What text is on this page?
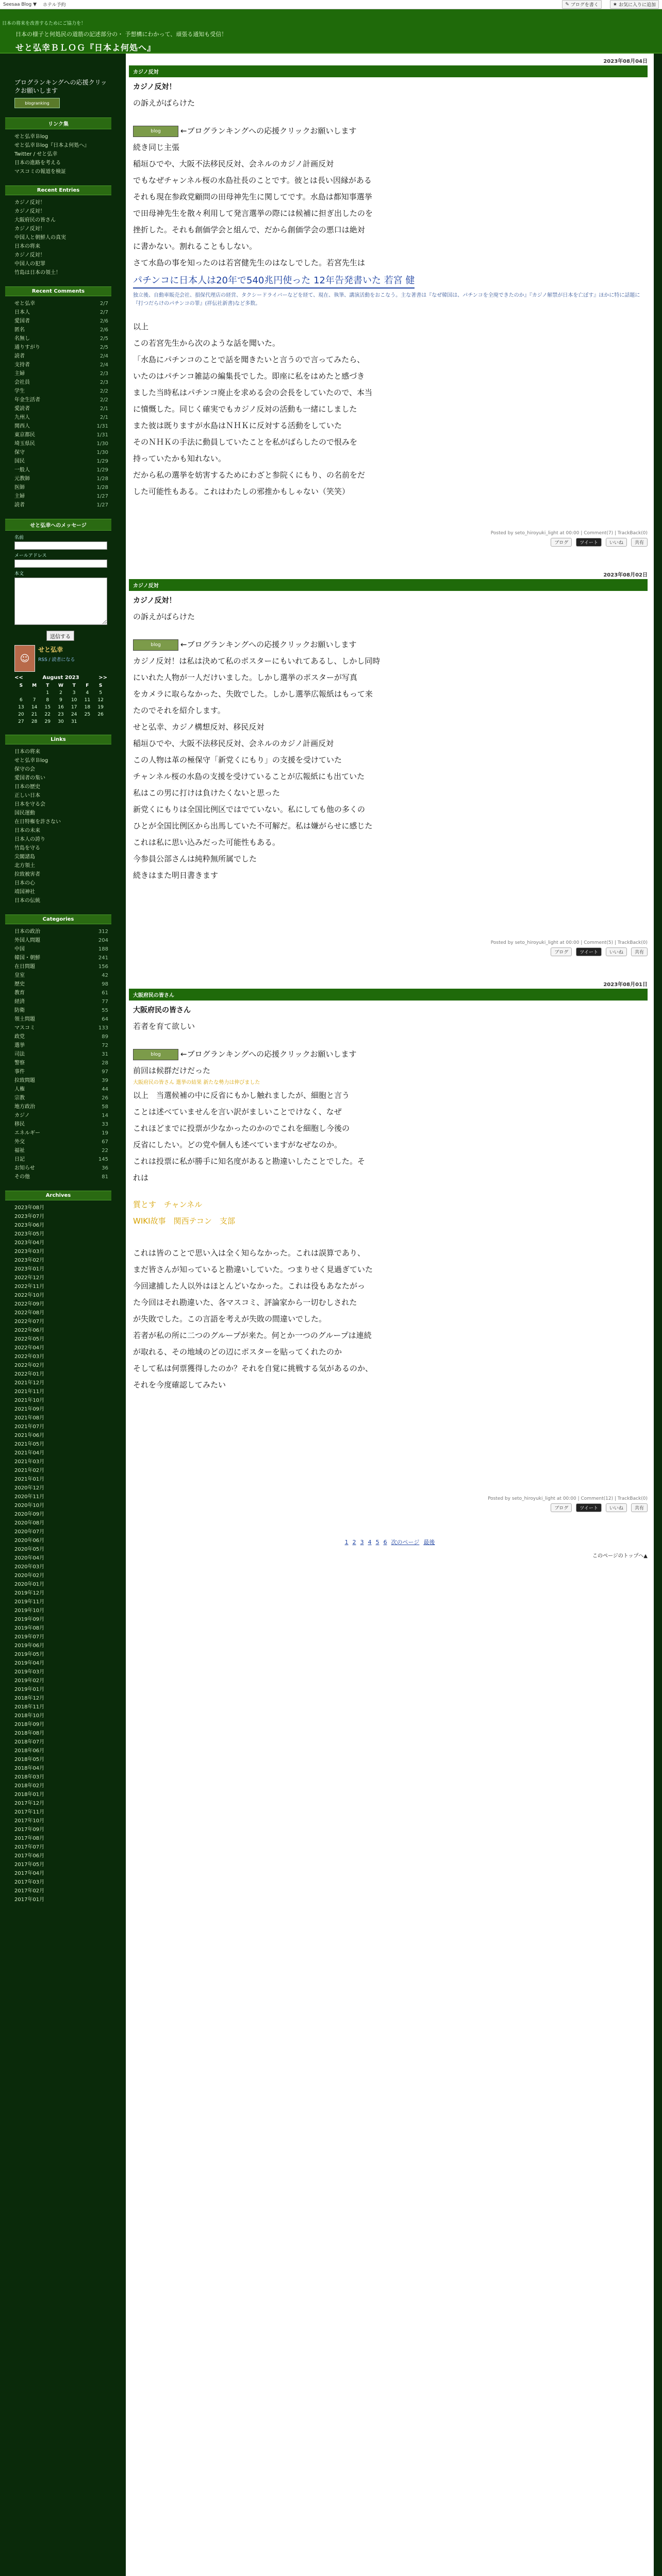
Seesaa Blog ▼ ホテル予約	✎ ブログを書く	★ お気に入りに追加
日本の将来を改善するためにご協力を！
日本の様子と何処民の道筋の記述部分の・ 予想構にわかって、頑張る通知も受信！
せと弘幸ＢＬＯＧ『日本よ何処へ』
ブログランキングへの応援クリックお願いします
blogranking
リンク集
せと弘幸Ｂlog
せと弘幸Ｂlog『日本よ何処へ』
Twitter / せと弘幸
日本の進路を考える
マスコミの報道を検証
Recent Entries
カジノ反対！
カジノ反対！
大阪府民の皆さん
カジノ反対！
中国人と朝鮮人の真実
日本の将来
カジノ反対！
中国人の犯罪
竹島は日本の領土！
Recent Comments
せと弘幸	2/7
日本人	2/7
愛国者	2/6
匿名	2/6
名無し	2/5
通りすがり	2/5
読者	2/4
支持者	2/4
主婦	2/3
会社員	2/3
学生	2/2
年金生活者	2/2
愛読者	2/1
九州人	2/1
関西人	1/31
東京都民	1/31
埼玉県民	1/30
保守	1/30
国民	1/29
一般人	1/29
元教師	1/28
医師	1/28
主婦	1/27
読者	1/27
せと弘幸へのメッセージ
名前
メールアドレス
本文
送信する
☺
せと弘幸
RSS / 読者になる
<<	August 2023	>>
S	M	T	W	T	F	S
		1	2	3	4	5
6	7	8	9	10	11	12
13	14	15	16	17	18	19
20	21	22	23	24	25	26
27	28	29	30	31		
Links
日本の将来
せと弘幸Ｂlog
保守の会
愛国者の集い
日本の歴史
正しい日本
日本を守る会
国民運動
在日特権を許さない
日本の未来
日本人の誇り
竹島を守る
尖閣諸島
北方領土
拉致被害者
日本の心
靖国神社
日本の伝統
Categories
日本の政治	312
外国人問題	204
中国	188
韓国・朝鮮	241
在日問題	156
皇室	42
歴史	98
教育	61
経済	77
防衛	55
領土問題	64
マスコミ	133
政党	89
選挙	72
司法	31
警察	28
事件	97
拉致問題	39
人権	44
宗教	26
地方政治	58
カジノ	14
移民	33
エネルギー	19
外交	67
福祉	22
日記	145
お知らせ	36
その他	81
Archives
2023年08月
2023年07月
2023年06月
2023年05月
2023年04月
2023年03月
2023年02月
2023年01月
2022年12月
2022年11月
2022年10月
2022年09月
2022年08月
2022年07月
2022年06月
2022年05月
2022年04月
2022年03月
2022年02月
2022年01月
2021年12月
2021年11月
2021年10月
2021年09月
2021年08月
2021年07月
2021年06月
2021年05月
2021年04月
2021年03月
2021年02月
2021年01月
2020年12月
2020年11月
2020年10月
2020年09月
2020年08月
2020年07月
2020年06月
2020年05月
2020年04月
2020年03月
2020年02月
2020年01月
2019年12月
2019年11月
2019年10月
2019年09月
2019年08月
2019年07月
2019年06月
2019年05月
2019年04月
2019年03月
2019年02月
2019年01月
2018年12月
2018年11月
2018年10月
2018年09月
2018年08月
2018年07月
2018年06月
2018年05月
2018年04月
2018年03月
2018年02月
2018年01月
2017年12月
2017年11月
2017年10月
2017年09月
2017年08月
2017年07月
2017年06月
2017年05月
2017年04月
2017年03月
2017年02月
2017年01月
2023年08月04日
カジノ反対
カジノ反対！
の訴えがばらけた
blog	←ブログランキングへの応援クリックお願いします
続き同じ主張
稲垣ひでや、大阪不法移民反対、会ネルのカジノ計画反対
でもなぜチャンネル桜の水島社長のことです。彼とは長い因縁がある
それも現在参政党顧問の田母神先生に関してです。水島は都知事選挙
で田母神先生を散々利用して発言選挙の際には候補に担ぎ出したのを
挫折した。それも創価学会と組んで、だから創価学会の悪口は絶対
に書かない。割れることもしない。
さて水島の事を知ったのは若宮健先生のはなしでした。若宮先生は
パチンコに日本人は20年で540兆円使った 12年告発書いた 若宮 健
独立後、自動車販売会社、損保代理店の経営、タクシードライバーなどを経て、現在、執筆、講演活動をおこなう。主な著書は『なぜ韓国は、パチンコを全廃できたのか』『カジノ解禁が日本を亡ぼす』ほかに特に話題に『打つだらけのパチンコの罪』(祥伝社新書)など多数。
以上
この若宮先生から次のような話を聞いた。
「水島にパチンコのことで話を聞きたいと言うので言ってみたら、
いたのはパチンコ雑誌の編集長でした。即座に私をはめたと感づき
ました当時私はパチンコ廃止を求める会の会長をしていたので、本当
に憤慨した。同じく確実でもカジノ反対の活動も一緒にしました
また彼は既りますが水島はＮＨＫに反対する活動をしていた
そのＮＨＫの手法に動員していたことを私がばらしたので恨みを
持っていたかも知れない。
だから私の選挙を妨害するためにわざと参院くにもり、の名前をだ
した可能性もある。これはわたしの邪推かもしゃない（笑笑）
Posted by seto_hiroyuki_light at 00:00 | Comment(7) | TrackBack(0)
ブログ	ツイート	いいね	共有
2023年08月02日
カジノ反対
カジノ反対！
の訴えがばらけた
blog	←ブログランキングへの応援クリックお願いします
カジノ反対！は私は決めて私のポスターにもいれてあるし、しかし同時
にいれた人物が一人だけいました。しかし選挙のポスターが写真
をカメラに取らなかった、失敗でした。しかし選挙広報紙はもって来
たのでそれを紹介します。
せと弘幸、カジノ構想反対、移民反対
稲垣ひでや、大阪不法移民反対、会ネルのカジノ計画反対
この人物は革の極保守「新党くにもり」の支援を受けていた
チャンネル桜の水島の支援を受けていることが広報紙にも出ていた
私はこの男に打けは負けたくないと思った
新党くにもりは全国比例区ではでていない。私にしても他の多くの
ひとが全国比例区から出馬していた不可解だ。私は嫌がらせに感じた
これは私に思い込みだった可能性もある。
今参員公部さんは純粋無所属でした
続きはまた明日書きます
Posted by seto_hiroyuki_light at 00:00 | Comment(5) | TrackBack(0)
ブログ	ツイート	いいね	共有
2023年08月01日
大阪府民の皆さん
大阪府民の皆さん
若者を育て欲しい
blog	←ブログランキングへの応援クリックお願いします
前回は候群だけだった
大阪府民の皆さん 選挙の結果 新たな勢力は伸びました
以上　当選候補の中に反省にもかし触れましたが、細胞と言う
ことは述べていませんを言い訳がましいことでけなく、なぜ
これほどまでに投票が少なかったのかのでこれを細胞し今後の
反省にしたい。どの党や個人も述べていますがなぜなのか。
これは投票に私が勝手に知名度があると勘違いしたことでした。そ
れは
質とす　チャンネル
WIKI故事　関西テコン　支部
これは皆のことで思い入は全く知らなかった。これは誤算であり、
まだ皆さんが知っていると勘違いしていた。つまりせく見過ぎていた
今回逮捕した人以外はほとんどいなかった。これは役もあなたがっ
た今回はそれ勘違いた、各マスコミ、評論家から一切むしされた
が失敗でした。この言語を考えが失敗の間違いでした。
若者が私の所に二つのグループが来た。何とか一つのグループは連続
が取れる、その地域のどの辺にポスターを貼ってくれたのか
そして私は何票獲得したのか？それを自覚に挑戦する気があるのか、
それを今度確認してみたい
Posted by seto_hiroyuki_light at 00:00 | Comment(12) | TrackBack(0)
ブログ	ツイート	いいね	共有
1 2 3 4 5 6 次のページ 最後
このページのトップへ▲
